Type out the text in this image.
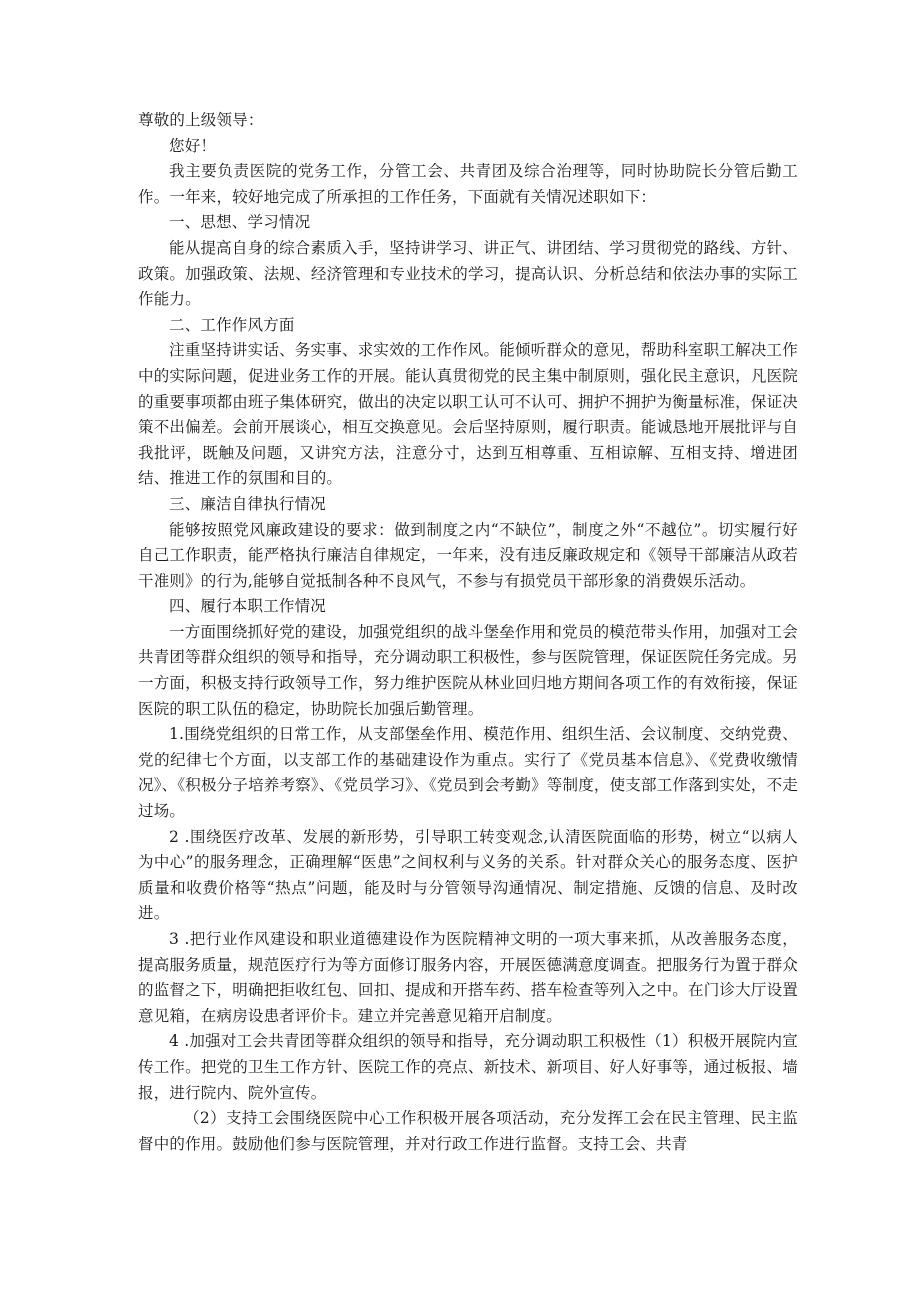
尊敬的上级领导：

您好！

我主要负责医院的党务工作，分管工会、共青团及综合治理等，同时协助院长分管后勤工作。一年来，较好地完成了所承担的工作任务，下面就有关情况述职如下：

一、思想、学习情况

能从提高自身的综合素质入手，坚持讲学习、讲正气、讲团结、学习贯彻党的路线、方针、政策。加强政策、法规、经济管理和专业技术的学习，提高认识、分析总结和依法办事的实际工作能力。

二、工作作风方面

注重坚持讲实话、务实事、求实效的工作作风。能倾听群众的意见，帮助科室职工解决工作中的实际问题，促进业务工作的开展。能认真贯彻党的民主集中制原则，强化民主意识，凡医院的重要事项都由班子集体研究，做出的决定以职工认可不认可、拥护不拥护为衡量标准，保证决策不出偏差。会前开展谈心，相互交换意见。会后坚持原则，履行职责。能诚恳地开展批评与自我批评，既触及问题，又讲究方法，注意分寸，达到互相尊重、互相谅解、互相支持、增进团结、推进工作的氛围和目的。

三、廉洁自律执行情况

能够按照党风廉政建设的要求：做到制度之内“不缺位”，制度之外“不越位”。切实履行好自己工作职责，能严格执行廉洁自律规定，一年来，没有违反廉政规定和《领导干部廉洁从政若干准则》的行为,能够自觉抵制各种不良风气，不参与有损党员干部形象的消费娱乐活动。

四、履行本职工作情况

一方面围绕抓好党的建设，加强党组织的战斗堡垒作用和党员的模范带头作用，加强对工会共青团等群众组织的领导和指导，充分调动职工积极性，参与医院管理，保证医院任务完成。另一方面，积极支持行政领导工作，努力维护医院从林业回归地方期间各项工作的有效衔接，保证医院的职工队伍的稳定，协助院长加强后勤管理。

1.围绕党组织的日常工作，从支部堡垒作用、模范作用、组织生活、会议制度、交纳党费、党的纪律七个方面，以支部工作的基础建设作为重点。实行了《党员基本信息》、《党费收缴情况》、《积极分子培养考察》、《党员学习》、《党员到会考勤》等制度，使支部工作落到实处，不走过场。

2 .围绕医疗改革、发展的新形势，引导职工转变观念,认清医院面临的形势，树立“以病人为中心”的服务理念，正确理解“医患”之间权利与义务的关系。针对群众关心的服务态度、医护质量和收费价格等“热点”问题，能及时与分管领导沟通情况、制定措施、反馈的信息、及时改进。

3 .把行业作风建设和职业道德建设作为医院精神文明的一项大事来抓，从改善服务态度，提高服务质量，规范医疗行为等方面修订服务内容，开展医德满意度调查。把服务行为置于群众的监督之下，明确把拒收红包、回扣、提成和开搭车药、搭车检查等列入之中。在门诊大厅设置意见箱，在病房设患者评价卡。建立并完善意见箱开启制度。

4 .加强对工会共青团等群众组织的领导和指导，充分调动职工积极性（1）积极开展院内宣传工作。把党的卫生工作方针、医院工作的亮点、新技术、新项目、好人好事等，通过板报、墙报，进行院内、院外宣传。

（2）支持工会围绕医院中心工作积极开展各项活动，充分发挥工会在民主管理、民主监督中的作用。鼓励他们参与医院管理，并对行政工作进行监督。支持工会、共青
